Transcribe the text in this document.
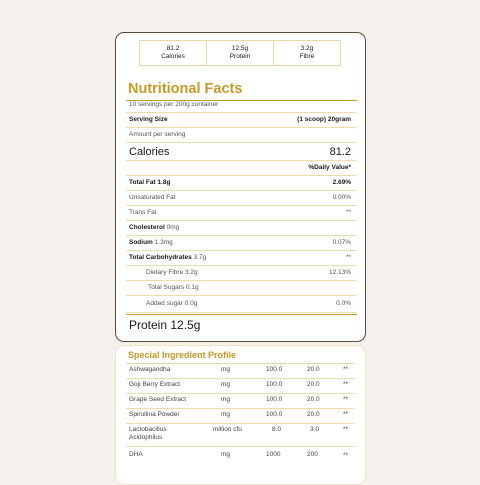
81.2
Calories
12.5g
Protein
3.2g
Fibre
Nutritional Facts
10 servings per 200g container
Serving Size	(1 scoop) 20gram
Amount per serving
Calories	81.2
%Daily Value*
Total Fat 1.8g	2.69%
Unsaturated Fat	0.00%
Trans Fat	**
Cholesterol 0mg
Sodium 1.3mg	0.07%
Total Carbohydrates 3.7g	**
Dietary Fibre 3.2g	12.13%
Total Sugars 0.1g
Added sugar 0.0g	0.0%
Protein 12.5g
Special Ingredient Profile
Ashwagandha	mg	100.0	20.0	**
Goji Berry Extract	mg	100.0	20.0	**
Grape Seed Extract	mg	100.0	20.0	**
Spirullina Powder	mg	100.0	20.0	**
Lactobacillus
Acidophilus
million cfu	8.0	3.0	**
DHA	mg	1000	200	**
